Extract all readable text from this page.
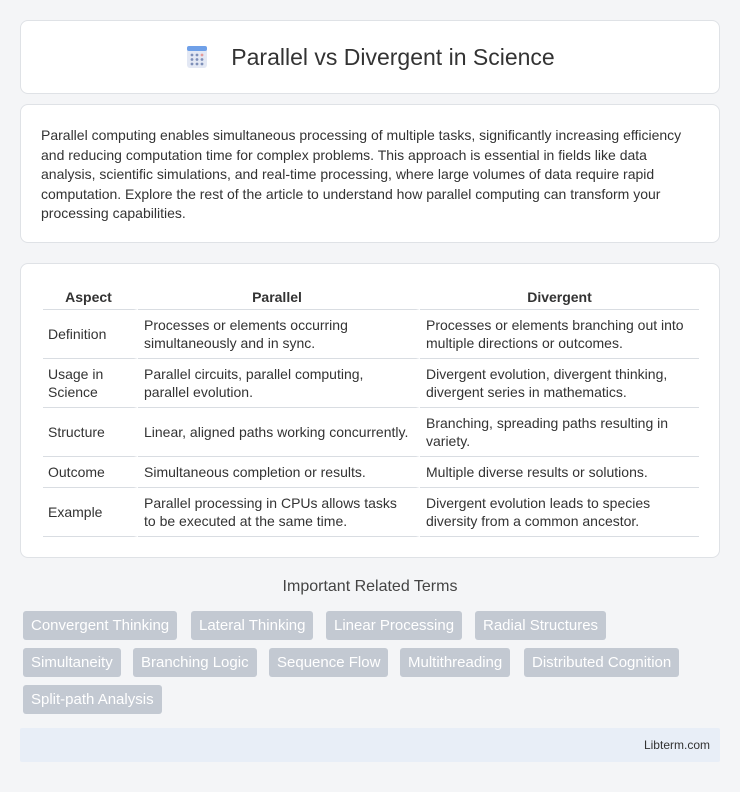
Parallel vs Divergent in Science

Parallel computing enables simultaneous processing of multiple tasks, significantly increasing efficiency and reducing computation time for complex problems. This approach is essential in fields like data analysis, scientific simulations, and real-time processing, where large volumes of data require rapid computation. Explore the rest of the article to understand how parallel computing can transform your processing capabilities.

Aspect	Parallel	Divergent
Definition	Processes or elements occurring simultaneously and in sync.	Processes or elements branching out into multiple directions or outcomes.
Usage in Science	Parallel circuits, parallel computing, parallel evolution.	Divergent evolution, divergent thinking, divergent series in mathematics.
Structure	Linear, aligned paths working concurrently.	Branching, spreading paths resulting in variety.
Outcome	Simultaneous completion or results.	Multiple diverse results or solutions.
Example	Parallel processing in CPUs allows tasks to be executed at the same time.	Divergent evolution leads to species diversity from a common ancestor.
Important Related Terms
Convergent Thinking	Lateral Thinking	Linear Processing	Radial Structures
Simultaneity	Branching Logic	Sequence Flow	Multithreading	Distributed Cognition
Split-path Analysis
Libterm.com
